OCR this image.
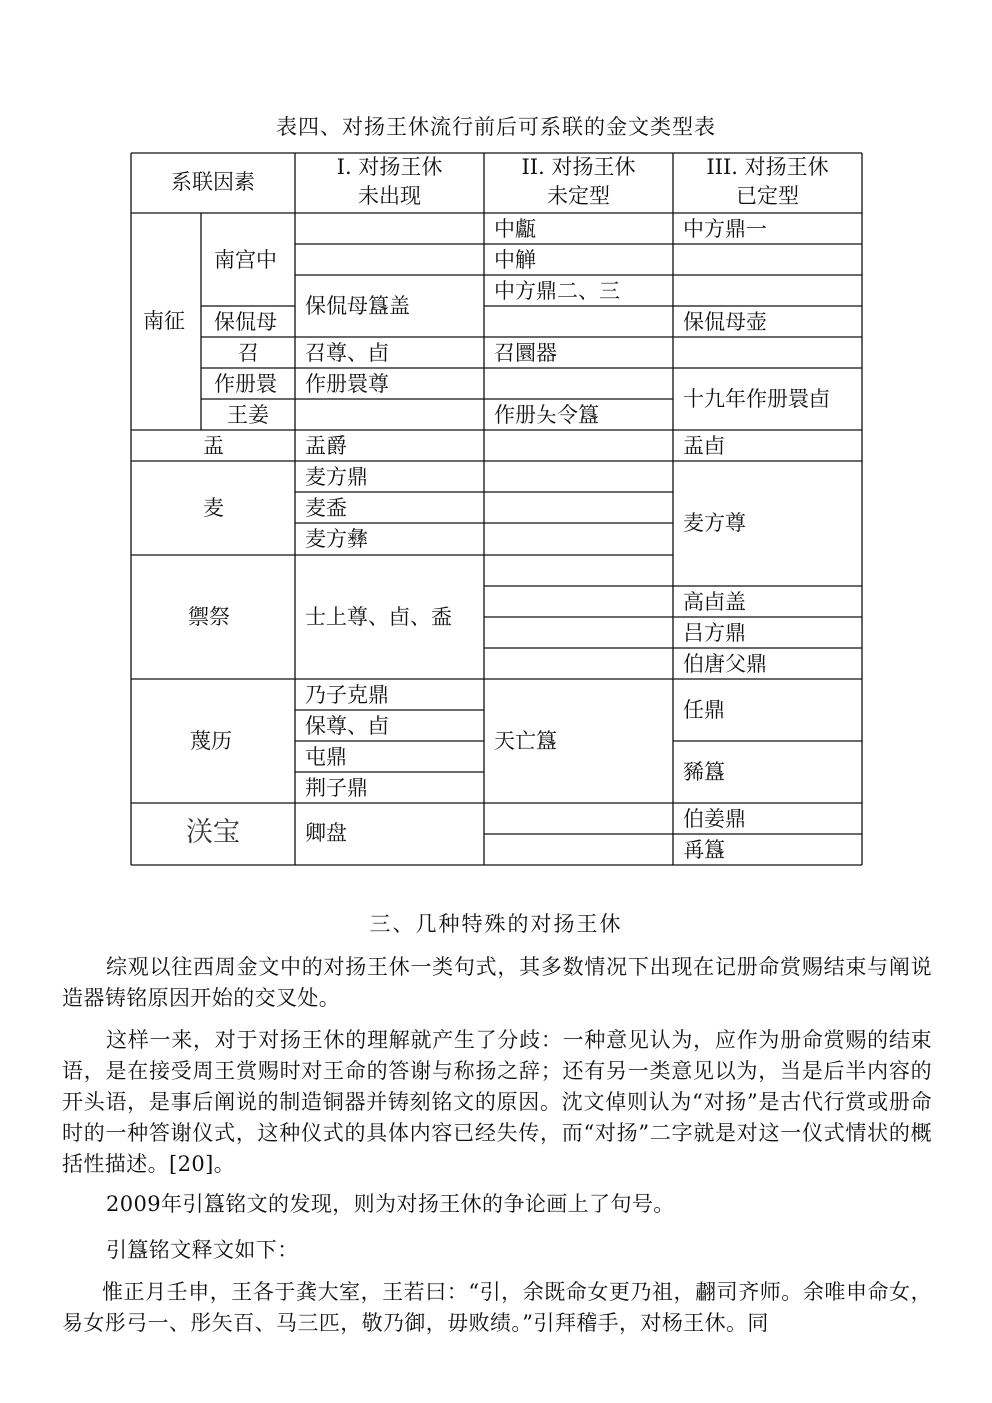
表四、对扬王休流行前后可系联的金文类型表
系联因素
I. 对扬王休
未出现
II. 对扬王休
未定型
III. 对扬王休
已定型
南征
南宫中
保侃母
召
作册睘
王姜
盂
麦
禦祭
蔑历
浂宝
保侃母簋盖
召尊、卣
作册睘尊
盂爵
麦方鼎
麦盉
麦方彝
士上尊、卣、盉
乃子克鼎
保尊、卣
屯鼎
荆子鼎
卿盘
中甗
中觯
中方鼎二、三
召圜器
作册夨令簋
天亡簋
中方鼎一
保侃母壶
十九年作册睘卣
盂卣
麦方尊
高卣盖
吕方鼎
伯唐父鼎
任鼎
豨簋
伯姜鼎
爯簋
三、几种特殊的对扬王休
综观以往西周金文中的对扬王休一类句式，其多数情况下出现在记册命赏赐结束与阐说造器铸铭原因开始的交叉处。
这样一来，对于对扬王休的理解就产生了分歧：一种意见认为，应作为册命赏赐的结束语，是在接受周王赏赐时对王命的答谢与称扬之辞；还有另一类意见以为，当是后半内容的开头语，是事后阐说的制造铜器并铸刻铭文的原因。沈文倬则认为“对扬”是古代行赏或册命时的一种答谢仪式，这种仪式的具体内容已经失传，而“对扬”二字就是对这一仪式情状的概括性描述。[20]。
2009年引簋铭文的发现，则为对扬王休的争论画上了句号。
引簋铭文释文如下：
惟正月壬申，王各于龚大室，王若曰：“引，余既命女更乃祖，䎘司齐师。余唯申命女，易女彤弓一、彤矢百、马三匹，敬乃御，毋败绩。”引拜稽手，对杨王休。同
